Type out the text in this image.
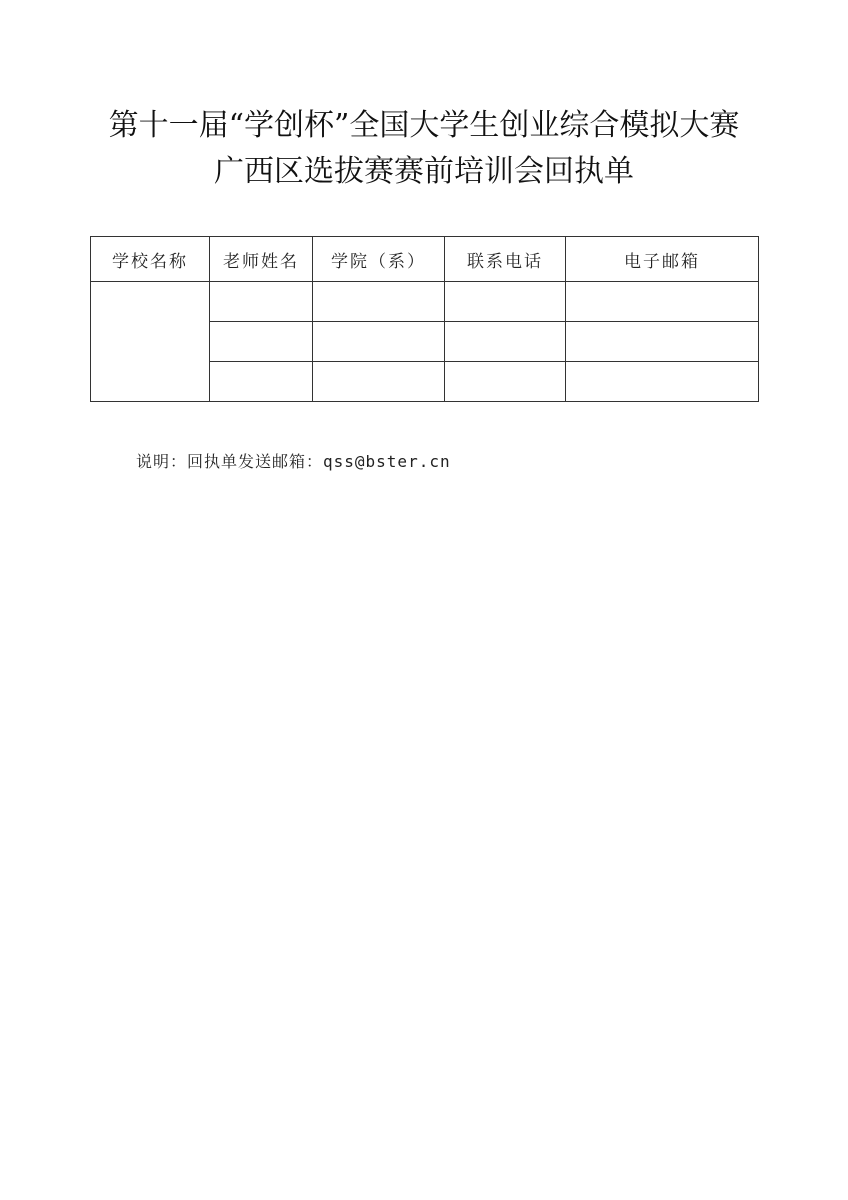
第十一届“学创杯”全国大学生创业综合模拟大赛
广西区选拔赛赛前培训会回执单
学校名称	老师姓名	学院（系）	联系电话	电子邮箱

说明：回执单发送邮箱：qss@bster.cn
